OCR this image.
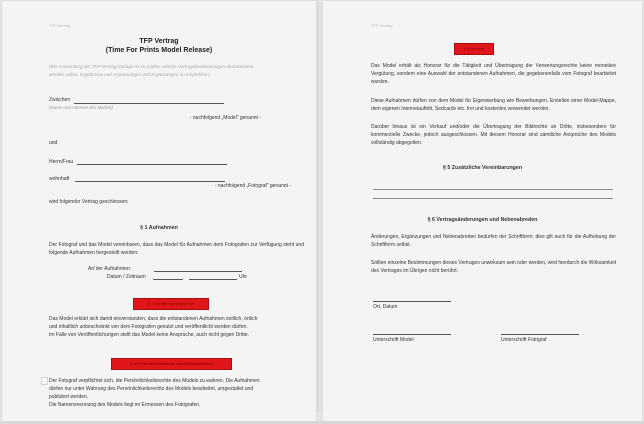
TFP Vertrag
TFP Vertrag
(Time For Prints Model Release)
(Bei Anwendung der TFP Vertrag Vorlage ist zu prüfen, welche Vertragsbestimmungen übernommen
werden sollen. Ergebnisse und Anpassungen und Ergänzungen zu empfehlen.)
Zwischen
(Name und Adresse des Models)
- nachfolgend „Model“ genannt -
und
Herrn/Frau
wohnhaft
- nachfolgend „Fotograf“ genannt -
wird folgender Vertrag geschlossen:
§ 1 Aufnahmen
Der Fotograf und das Model vereinbaren, dass das Model für Aufnahmen dem Fotografen zur Verfügung steht und folgende Aufnahmen hergestellt werden:
Art der Aufnahmen:
Datum / Zeitraum	Uhr
§ 2 Veröffentlichungsrecht
Das Model erklärt sich damit einverstanden, dass die entstandenen Aufnahmen zeitlich, örtlich
und inhaltlich unbeschränkt von dem Fotografen genutzt und veröffentlicht werden dürfen.
Im Falle von Veröffentlichungen stellt das Model keine Ansprüche, auch nicht gegen Dritte.
§ 3 Persönlichkeitsrechte des Aufnahmeteams
Der Fotograf verpflichtet sich, die Persönlichkeitsrechte des Models zu wahren. Die Aufnahmen
dürfen nur unter Wahrung des Persönlichkeitsrechts des Models bearbeitet, umgestaltet und
publiziert werden.
Die Namensnennung des Models liegt im Ermessen des Fotografen.
TFP Vertrag
§ 4 Honorar
Das Model erhält als Honorar für die Tätigkeit und Übertragung der Verwertungsrechte keine monetäre Vergütung, sondern eine Auswahl der entstandenen Aufnahmen, die gegebenenfalls vom Fotograf bearbeitet wurden.
Diese Aufnahmen dürfen von dem Model für Eigenwerbung wie Bewerbungen, Erstellen einer Model-Mappe, dem eigenen Internetauftritt, Sedcards etc. frei und kostenlos verwendet werden.
Darüber hinaus ist ein Verkauf und/oder die Übertragung der Bildrechte an Dritte, insbesondere für kommerzielle Zwecke, jedoch ausgeschlossen. Mit diesem Honorar sind sämtliche Ansprüche des Models vollständig abgegolten.
§ 5 Zusätzliche Vereinbarungen
§ 6 Vertragsänderungen und Nebenabreden
Änderungen, Ergänzungen und Nebenabreden bedürfen der Schriftform; dies gilt auch für die Aufhebung der Schriftform selbst.
Sollten einzelne Bestimmungen dieses Vertrages unwirksam sein oder werden, wird hierdurch die Wirksamkeit des Vertrages im Übrigen nicht berührt.
Ort, Datum
Unterschrift Model	Unterschrift Fotograf
